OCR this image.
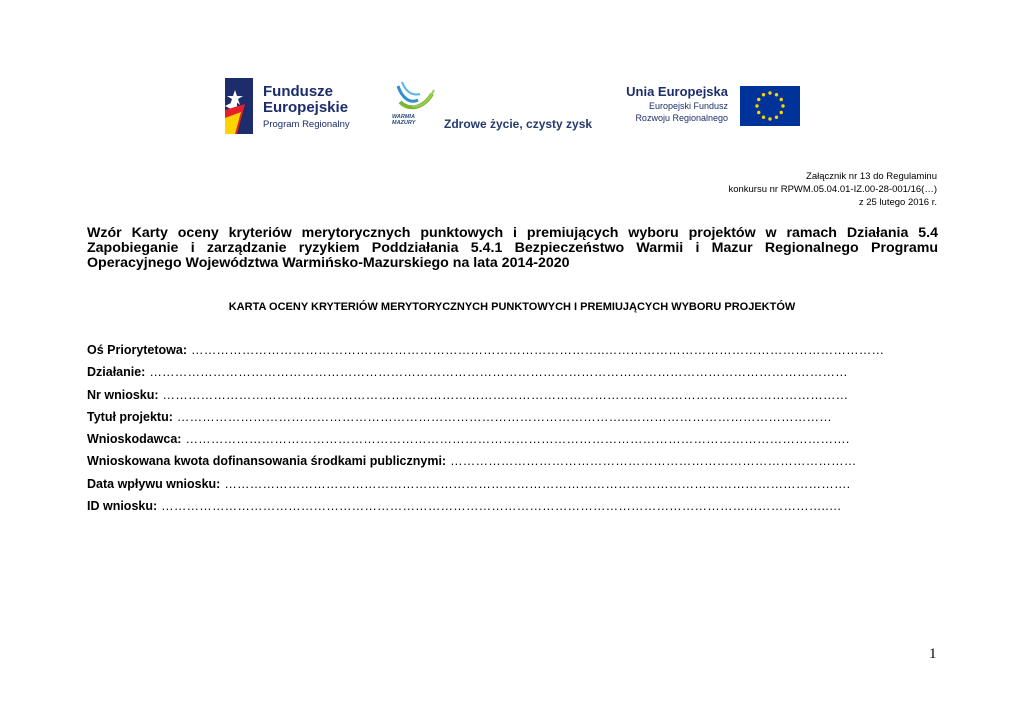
Fundusze
Europejskie
Program Regionalny
WARMIA
MAZURY Zdrowe życie, czysty zysk
Unia Europejska
Europejski Fundusz
Rozwoju Regionalnego
Załącznik nr 13 do Regulaminu
konkursu nr RPWM.05.04.01-IZ.00-28-001/16(…)
z 25 lutego 2016 r.
Wzór Karty oceny kryteriów merytorycznych punktowych i premiujących wyboru projektów w ramach Działania 5.4 Zapobieganie i zarządzanie ryzykiem Poddziałania 5.4.1 Bezpieczeństwo Warmii i Mazur Regionalnego Programu Operacyjnego Województwa Warmińsko-Mazurskiego na lata 2014-2020
KARTA OCENY KRYTERIÓW MERYTORYCZNYCH PUNKTOWYCH I PREMIUJĄCYCH WYBORU PROJEKTÓW
Oś Priorytetowa: ……………………………………………………………………………………..…………………………………………………………
Działanie: …………………………………………………………………………………………………………………………………………………
Nr wniosku: ………………………………………………………………………………………………………………………………………………
Tytuł projektu: ……………………………………………………………………………………………..…………………………………………
Wnioskodawca: ………………………………………………………………………………………………………………………………………….
Wnioskowana kwota dofinansowania środkami publicznymi: ……………………………………………………………………………………
Data wpływu wniosku: ………………………………………………………………………………………………………………………………….
ID wniosku: …………………………………………………………………………………………………………………………………………..…
1
